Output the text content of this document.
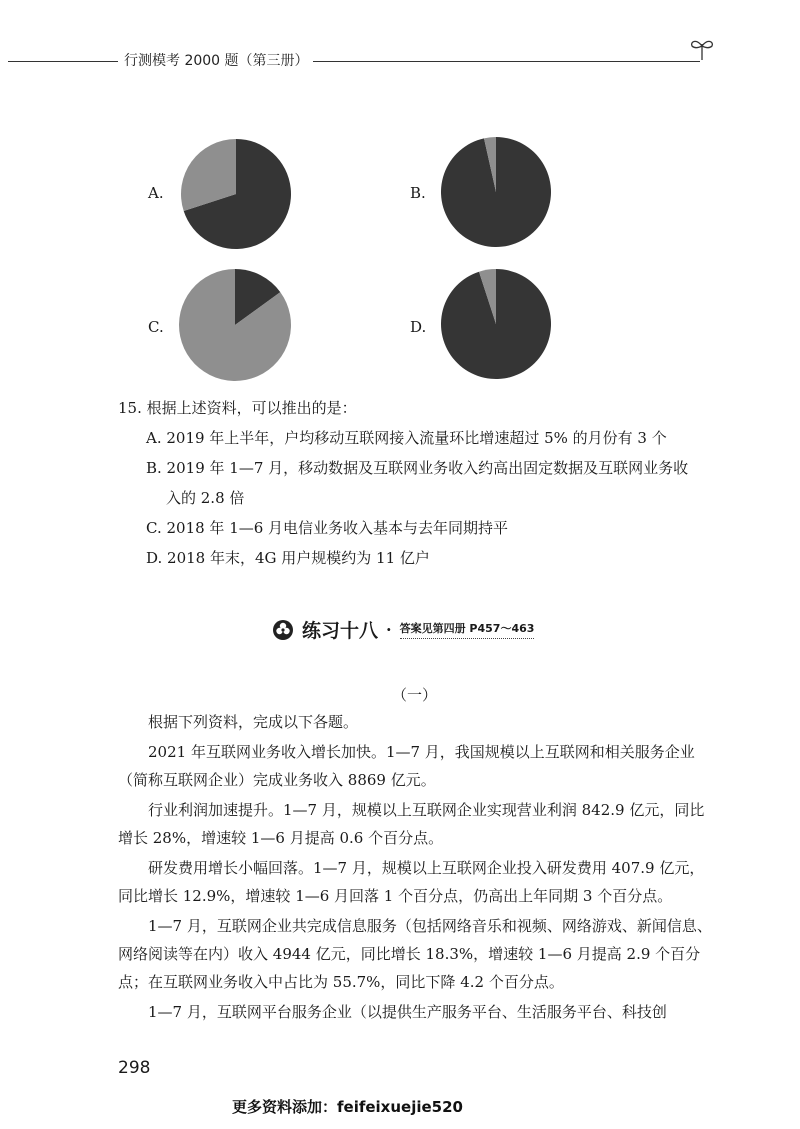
行测模考 2000 题（第三册）
A.	B.
C.	D.
15. 根据上述资料，可以推出的是：
A. 2019 年上半年，户均移动互联网接入流量环比增速超过 5% 的月份有 3 个
B. 2019 年 1—7 月，移动数据及互联网业务收入约高出固定数据及互联网业务收
入的 2.8 倍
C. 2018 年 1—6 月电信业务收入基本与去年同期持平
D. 2018 年末，4G 用户规模约为 11 亿户
练习十八 · 答案见第四册 P457～463
（一）
根据下列资料，完成以下各题。
2021 年互联网业务收入增长加快。1—7 月，我国规模以上互联网和相关服务企业（简称互联网企业）完成业务收入 8869 亿元。
行业利润加速提升。1—7 月，规模以上互联网企业实现营业利润 842.9 亿元，同比增长 28%，增速较 1—6 月提高 0.6 个百分点。
研发费用增长小幅回落。1—7 月，规模以上互联网企业投入研发费用 407.9 亿元，同比增长 12.9%，增速较 1—6 月回落 1 个百分点，仍高出上年同期 3 个百分点。
1—7 月，互联网企业共完成信息服务（包括网络音乐和视频、网络游戏、新闻信息、网络阅读等在内）收入 4944 亿元，同比增长 18.3%，增速较 1—6 月提高 2.9 个百分点；在互联网业务收入中占比为 55.7%，同比下降 4.2 个百分点。
1—7 月，互联网平台服务企业（以提供生产服务平台、生活服务平台、科技创
298
更多资料添加：feifeixuejie520
